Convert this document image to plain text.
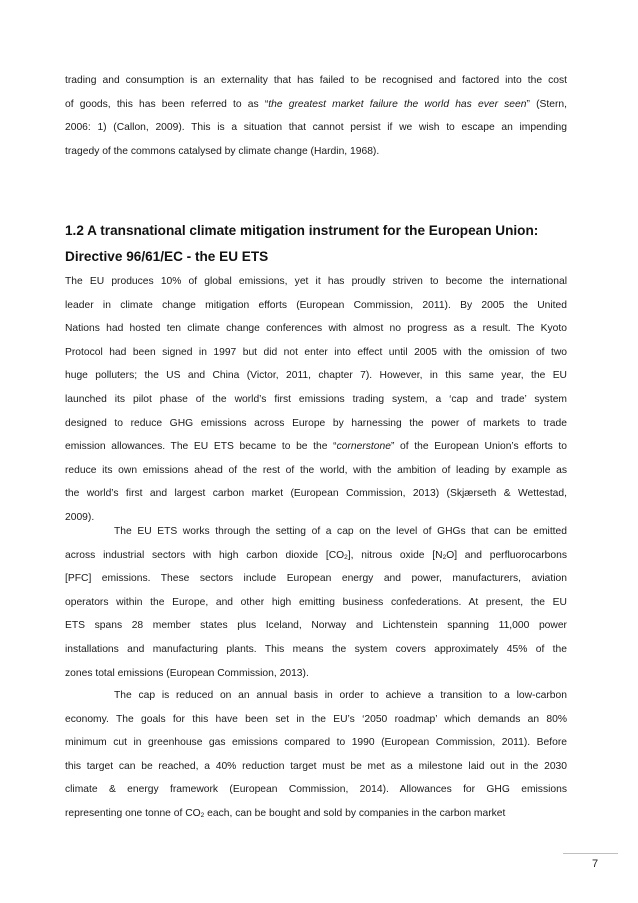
trading and consumption is an externality that has failed to be recognised and factored into the cost
of goods, this has been referred to as “the greatest market failure the world has ever seen” (Stern,
2006: 1) (Callon, 2009). This is a situation that cannot persist if we wish to escape an impending
tragedy of the commons catalysed by climate change (Hardin, 1968).
1.2 A transnational climate mitigation instrument for the European Union:
Directive 96/61/EC - the EU ETS
The EU produces 10% of global emissions, yet it has proudly striven to become the international
leader in climate change mitigation efforts (European Commission, 2011). By 2005 the United
Nations had hosted ten climate change conferences with almost no progress as a result. The Kyoto
Protocol had been signed in 1997 but did not enter into effect until 2005 with the omission of two
huge polluters; the US and China (Victor, 2011, chapter 7). However, in this same year, the EU
launched its pilot phase of the world’s first emissions trading system, a ‘cap and trade’ system
designed to reduce GHG emissions across Europe by harnessing the power of markets to trade
emission allowances. The EU ETS became to be the “cornerstone” of the European Union’s efforts to
reduce its own emissions ahead of the rest of the world, with the ambition of leading by example as
the world’s first and largest carbon market (European Commission, 2013) (Skjærseth & Wettestad,
2009).
The EU ETS works through the setting of a cap on the level of GHGs that can be emitted
across industrial sectors with high carbon dioxide $[CO_2]$, nitrous oxide $[N_2O]$ and perfluorocarbons
[PFC] emissions. These sectors include European energy and power, manufacturers, aviation
operators within the Europe, and other high emitting business confederations. At present, the EU
ETS spans 28 member states plus Iceland, Norway and Lichtenstein spanning 11,000 power
installations and manufacturing plants. This means the system covers approximately 45% of the
zones total emissions (European Commission, 2013).
The cap is reduced on an annual basis in order to achieve a transition to a low-carbon
economy. The goals for this have been set in the EU’s ‘2050 roadmap’ which demands an 80%
minimum cut in greenhouse gas emissions compared to 1990 (European Commission, 2011). Before
this target can be reached, a 40% reduction target must be met as a milestone laid out in the 2030
climate & energy framework (European Commission, 2014). Allowances for GHG emissions
representing one tonne of $CO_2$ each, can be bought and sold by companies in the carbon market
7
